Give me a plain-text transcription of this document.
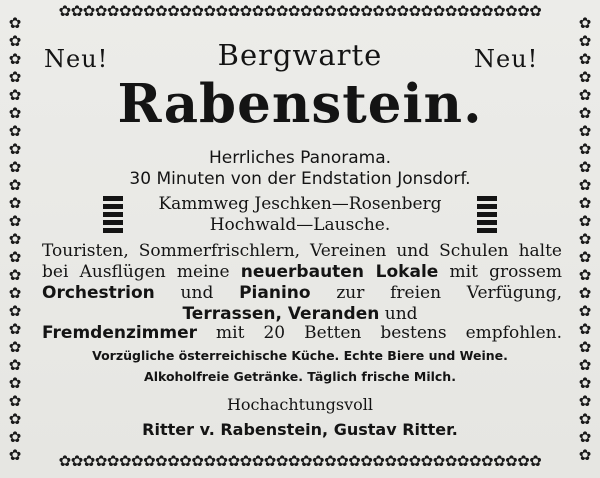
✿✿✿✿✿✿✿✿✿✿✿✿✿✿✿✿✿✿✿✿✿✿✿✿✿✿✿✿✿✿✿✿✿✿✿✿✿✿✿✿
✿✿✿✿✿✿✿✿✿✿✿✿✿✿✿✿✿✿✿✿✿✿✿✿✿✿✿✿✿✿✿✿✿✿✿✿✿✿✿✿
✿✿✿✿✿✿✿✿✿✿✿✿✿✿✿✿✿✿✿✿✿✿✿✿✿
✿✿✿✿✿✿✿✿✿✿✿✿✿✿✿✿✿✿✿✿✿✿✿✿✿
Neu!	Neu!
Bergwarte
Rabenstein.
Herrliches Panorama.
30 Minuten von der Endstation Jonsdorf.
Kammweg Jeschken—Rosenberg
Hochwald—Lausche.
Touristen, Sommerfrischlern, Vereinen und Schulen halte
bei Ausflügen meine neuerbauten Lokale mit grossem
Orchestrion und Pianino zur freien Verfügung,
Terrassen, Veranden und
Fremdenzimmer mit 20 Betten bestens empfohlen.
Vorzügliche österreichische Küche. Echte Biere und Weine.
Alkoholfreie Getränke. Täglich frische Milch.
Hochachtungsvoll
Ritter v. Rabenstein, Gustav Ritter.
